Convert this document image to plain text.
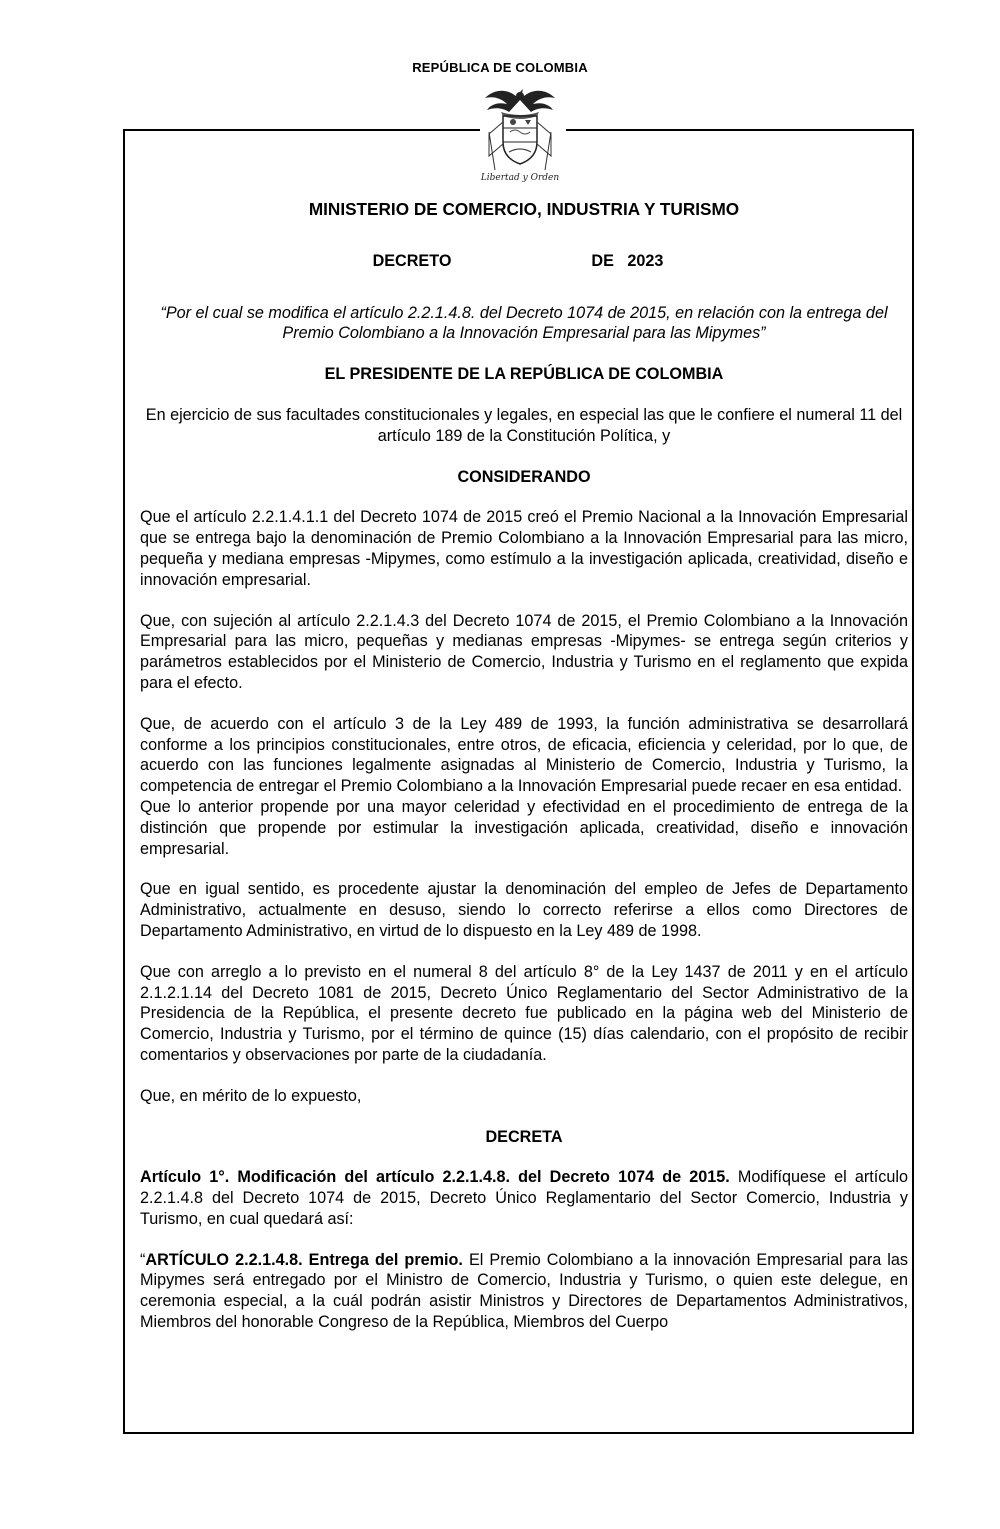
REPÚBLICA DE COLOMBIA
Libertad y Orden

MINISTERIO DE COMERCIO, INDUSTRIA Y TURISMO

DECRETO	DE   2023
“Por el cual se modifica el artículo 2.2.1.4.8. del Decreto 1074 de 2015, en relación con la entrega del Premio Colombiano a la Innovación Empresarial para las Mipymes”

EL PRESIDENTE DE LA REPÚBLICA DE COLOMBIA

En ejercicio de sus facultades constitucionales y legales, en especial las que le confiere el numeral 11 del artículo 189 de la Constitución Política, y

CONSIDERANDO

Que el artículo 2.2.1.4.1.1 del Decreto 1074 de 2015 creó el Premio Nacional a la Innovación Empresarial que se entrega bajo la denominación de Premio Colombiano a la Innovación Empresarial para las micro, pequeña y mediana empresas -Mipymes, como estímulo a la investigación aplicada, creatividad, diseño e innovación empresarial.

Que, con sujeción al artículo 2.2.1.4.3 del Decreto 1074 de 2015, el Premio Colombiano a la Innovación Empresarial para las micro, pequeñas y medianas empresas -Mipymes- se entrega según criterios y parámetros establecidos por el Ministerio de Comercio, Industria y Turismo en el reglamento que expida para el efecto.

Que, de acuerdo con el artículo 3 de la Ley 489 de 1993, la función administrativa se desarrollará conforme a los principios constitucionales, entre otros, de eficacia, eficiencia y celeridad, por lo que, de acuerdo con las funciones legalmente asignadas al Ministerio de Comercio, Industria y Turismo, la competencia de entregar el Premio Colombiano a la Innovación Empresarial puede recaer en esa entidad.

Que lo anterior propende por una mayor celeridad y efectividad en el procedimiento de entrega de la distinción que propende por estimular la investigación aplicada, creatividad, diseño e innovación empresarial.

Que en igual sentido, es procedente ajustar la denominación del empleo de Jefes de Departamento Administrativo, actualmente en desuso, siendo lo correcto referirse a ellos como Directores de Departamento Administrativo, en virtud de lo dispuesto en la Ley 489 de 1998.

Que con arreglo a lo previsto en el numeral 8 del artículo 8° de la Ley 1437 de 2011 y en el artículo 2.1.2.1.14 del Decreto 1081 de 2015, Decreto Único Reglamentario del Sector Administrativo de la Presidencia de la República, el presente decreto fue publicado en la página web del Ministerio de Comercio, Industria y Turismo, por el término de quince (15) días calendario, con el propósito de recibir comentarios y observaciones por parte de la ciudadanía.

Que, en mérito de lo expuesto,

DECRETA

Artículo 1°. Modificación del artículo 2.2.1.4.8. del Decreto 1074 de 2015. Modifíquese el artículo 2.2.1.4.8 del Decreto 1074 de 2015, Decreto Único Reglamentario del Sector Comercio, Industria y Turismo, en cual quedará así:

“ARTÍCULO 2.2.1.4.8. Entrega del premio. El Premio Colombiano a la innovación Empresarial para las Mipymes será entregado por el Ministro de Comercio, Industria y Turismo, o quien este delegue, en ceremonia especial, a la cuál podrán asistir Ministros y Directores de Departamentos Administrativos, Miembros del honorable Congreso de la República, Miembros del Cuerpo
